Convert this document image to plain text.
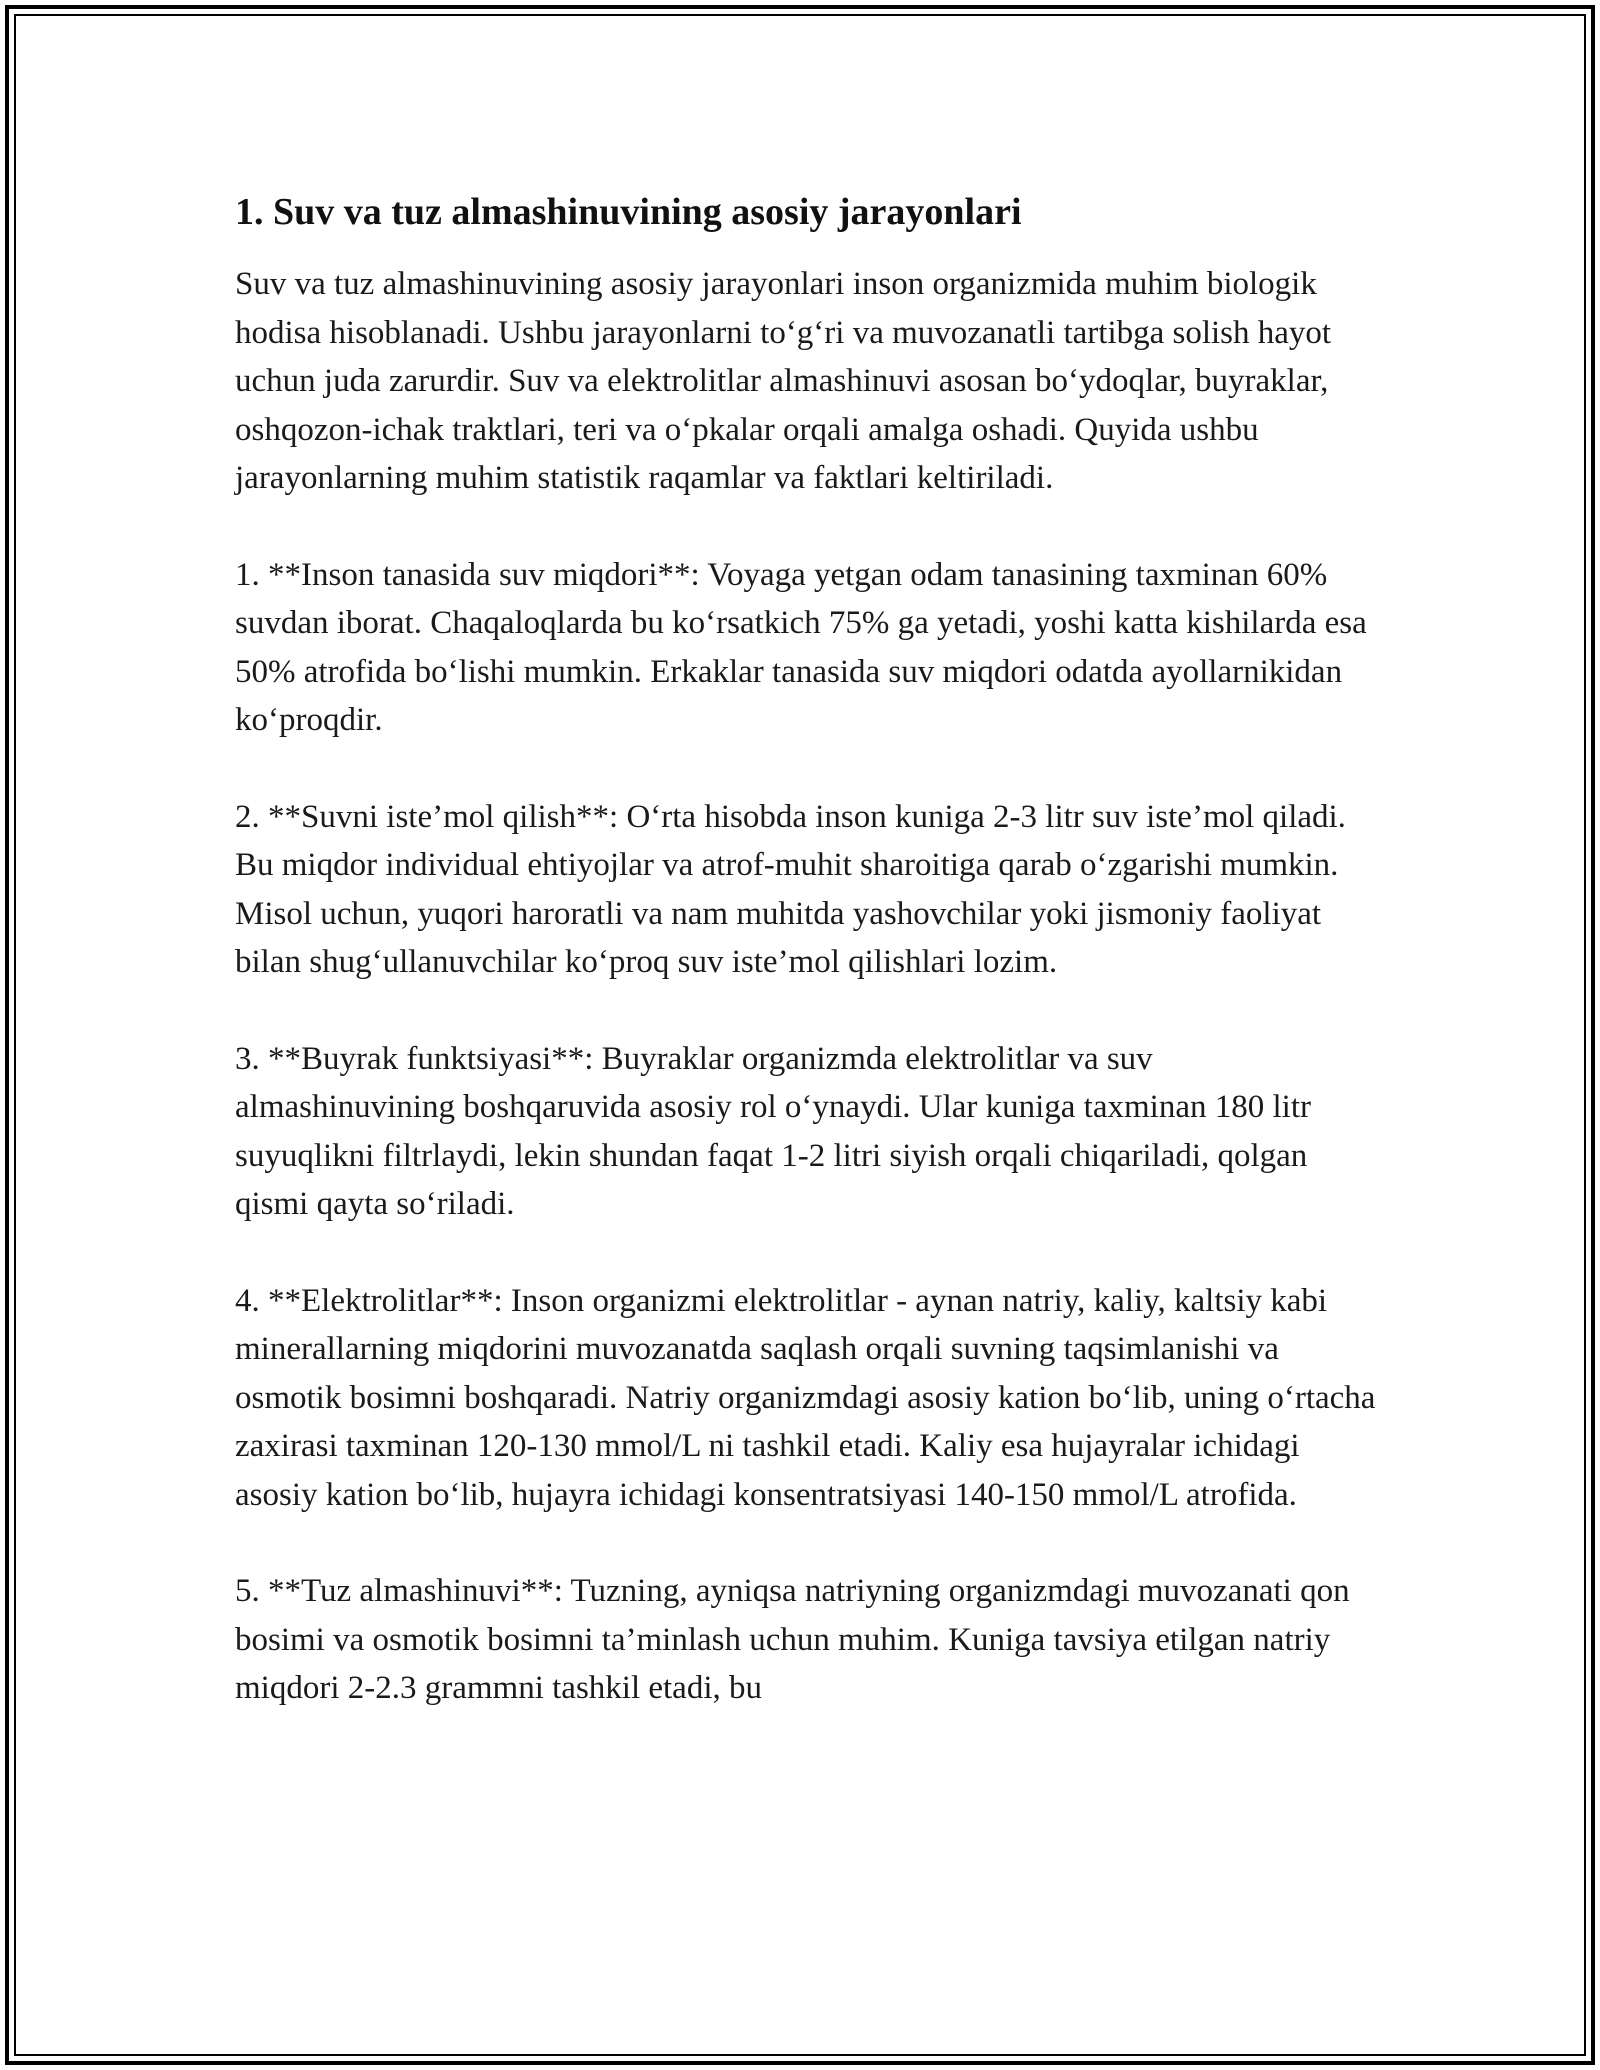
1. Suv va tuz almashinuvining asosiy jarayonlari

Suv va tuz almashinuvining asosiy jarayonlari inson organizmida muhim biologik hodisa hisoblanadi. Ushbu jarayonlarni to‘g‘ri va muvozanatli tartibga solish hayot uchun juda zarurdir. Suv va elektrolitlar almashinuvi asosan bo‘ydoqlar, buyraklar, oshqozon-ichak traktlari, teri va o‘pkalar orqali amalga oshadi. Quyida ushbu jarayonlarning muhim statistik raqamlar va faktlari keltiriladi.

1. **Inson tanasida suv miqdori**: Voyaga yetgan odam tanasining taxminan 60% suvdan iborat. Chaqaloqlarda bu ko‘rsatkich 75% ga yetadi, yoshi katta kishilarda esa 50% atrofida bo‘lishi mumkin. Erkaklar tanasida suv miqdori odatda ayollarnikidan ko‘proqdir.

2. **Suvni iste’mol qilish**: O‘rta hisobda inson kuniga 2-3 litr suv iste’mol qiladi. Bu miqdor individual ehtiyojlar va atrof-muhit sharoitiga qarab o‘zgarishi mumkin. Misol uchun, yuqori haroratli va nam muhitda yashovchilar yoki jismoniy faoliyat bilan shug‘ullanuvchilar ko‘proq suv iste’mol qilishlari lozim.

3. **Buyrak funktsiyasi**: Buyraklar organizmda elektrolitlar va suv almashinuvining boshqaruvida asosiy rol o‘ynaydi. Ular kuniga taxminan 180 litr suyuqlikni filtrlaydi, lekin shundan faqat 1-2 litri siyish orqali chiqariladi, qolgan qismi qayta so‘riladi.

4. **Elektrolitlar**: Inson organizmi elektrolitlar - aynan natriy, kaliy, kaltsiy kabi minerallarning miqdorini muvozanatda saqlash orqali suvning taqsimlanishi va osmotik bosimni boshqaradi. Natriy organizmdagi asosiy kation bo‘lib, uning o‘rtacha zaxirasi taxminan 120-130 mmol/L ni tashkil etadi. Kaliy esa hujayralar ichidagi asosiy kation bo‘lib, hujayra ichidagi konsentratsiyasi 140-150 mmol/L atrofida.

5. **Tuz almashinuvi**: Tuzning, ayniqsa natriyning organizmdagi muvozanati qon bosimi va osmotik bosimni ta’minlash uchun muhim. Kuniga tavsiya etilgan natriy miqdori 2-2.3 grammni tashkil etadi, bu
